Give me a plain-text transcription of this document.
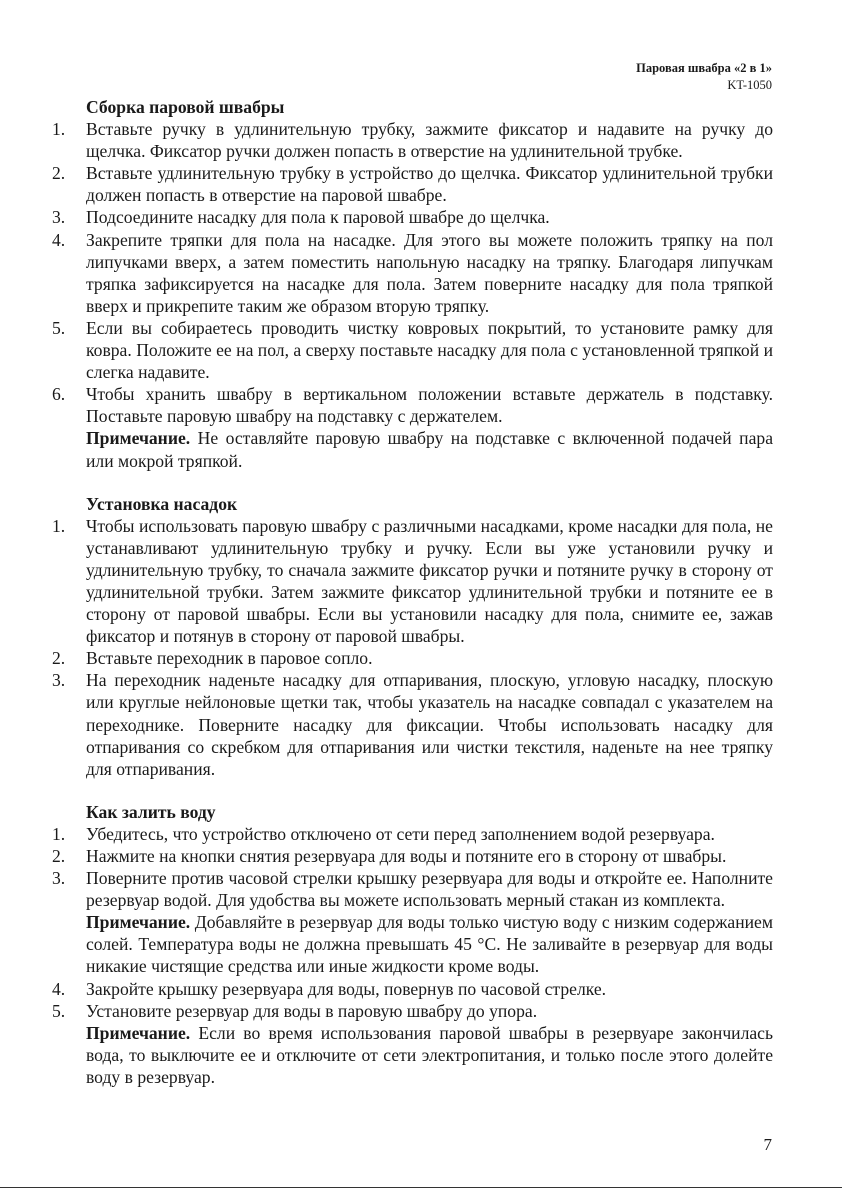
Паровая швабра «2 в 1»
KT-1050
Сборка паровой швабры
1. Вставьте ручку в удлинительную трубку, зажмите фиксатор и надавите на ручку до щелчка. Фиксатор ручки должен попасть в отверстие на удлинительной трубке.
2. Вставьте удлинительную трубку в устройство до щелчка. Фиксатор удлинительной трубки должен попасть в отверстие на паровой швабре.
3. Подсоедините насадку для пола к паровой швабре до щелчка.
4. Закрепите тряпки для пола на насадке. Для этого вы можете положить тряпку на пол липучками вверх, а затем поместить напольную насадку на тряпку. Благодаря липучкам тряпка зафиксируется на насадке для пола. Затем поверните насадку для пола тряпкой вверх и прикрепите таким же образом вторую тряпку.
5. Если вы собираетесь проводить чистку ковровых покрытий, то установите рамку для ковра. Положите ее на пол, а сверху поставьте насадку для пола с установленной тряпкой и слегка надавите.
6. Чтобы хранить швабру в вертикальном положении вставьте держатель в подставку. Поставьте паровую швабру на подставку с держателем.
Примечание. Не оставляйте паровую швабру на подставке с включенной подачей пара или мокрой тряпкой.
Установка насадок
1. Чтобы использовать паровую швабру с различными насадками, кроме насадки для пола, не устанавливают удлинительную трубку и ручку. Если вы уже установили ручку и удлинительную трубку, то сначала зажмите фиксатор ручки и потяните ручку в сторону от удлинительной трубки. Затем зажмите фиксатор удлинительной трубки и потяните ее в сторону от паровой швабры. Если вы установили насадку для пола, снимите ее, зажав фиксатор и потянув в сторону от паровой швабры.
2. Вставьте переходник в паровое сопло.
3. На переходник наденьте насадку для отпаривания, плоскую, угловую насадку, плоскую или круглые нейлоновые щетки так, чтобы указатель на насадке совпадал с указателем на переходнике. Поверните насадку для фиксации. Чтобы использовать насадку для отпаривания со скребком для отпаривания или чистки текстиля, наденьте на нее тряпку для отпаривания.
Как залить воду
1. Убедитесь, что устройство отключено от сети перед заполнением водой резервуара.
2. Нажмите на кнопки снятия резервуара для воды и потяните его в сторону от швабры.
3. Поверните против часовой стрелки крышку резервуара для воды и откройте ее. Наполните резервуар водой. Для удобства вы можете использовать мерный стакан из комплекта.
Примечание. Добавляйте в резервуар для воды только чистую воду с низким содержанием солей. Температура воды не должна превышать 45 °C. Не заливайте в резервуар для воды никакие чистящие средства или иные жидкости кроме воды.
4. Закройте крышку резервуара для воды, повернув по часовой стрелке.
5. Установите резервуар для воды в паровую швабру до упора.
Примечание. Если во время использования паровой швабры в резервуаре закончилась вода, то выключите ее и отключите от сети электропитания, и только после этого долейте воду в резервуар.
7
